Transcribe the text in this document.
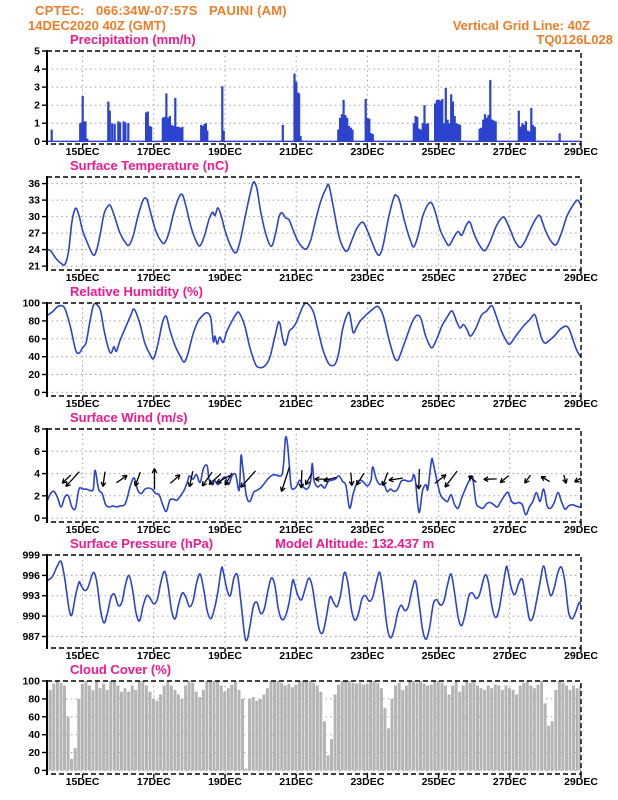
CPTEC:   066:34W-07:57S   PAUINI (AM)
14DEC2020 40Z (GMT)	Vertical Grid Line: 40Z
Precipitation (mm/h)	TQ0126L028
0
1
2
3
4
5
15DEC	17DEC	19DEC	21DEC	23DEC	25DEC	27DEC	29DEC
Surface Temperature (nC)
21
24
27
30
33
36
15DEC	17DEC	19DEC	21DEC	23DEC	25DEC	27DEC	29DEC
Relative Humidity (%)
0
20
40
60
80
100
15DEC	17DEC	19DEC	21DEC	23DEC	25DEC	27DEC	29DEC
Surface Wind (m/s)
0
2
4
6
8
15DEC	17DEC	19DEC	21DEC	23DEC	25DEC	27DEC	29DEC
Surface Pressure (hPa)	Model Altitude: 132.437 m
987
990
993
996
999
15DEC	17DEC	19DEC	21DEC	23DEC	25DEC	27DEC	29DEC
Cloud Cover (%)
0
20
40
60
80
100
15DEC	17DEC	19DEC	21DEC	23DEC	25DEC	27DEC	29DEC
